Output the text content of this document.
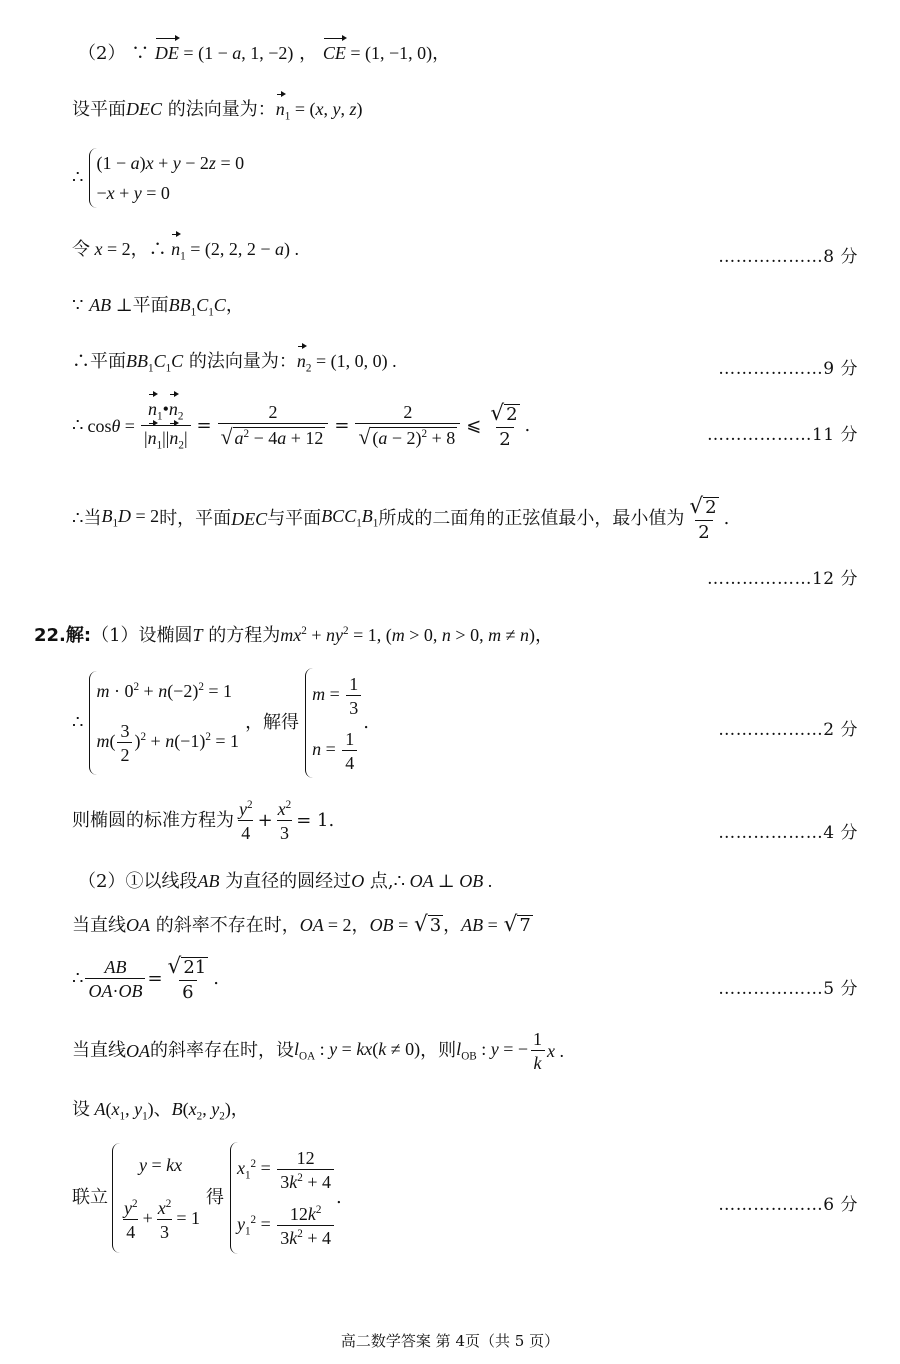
（2） ∵ DE = (1 − a, 1, −2) ， CE = (1, −1, 0)，
设平面DEC 的法向量为：$n_1 = (x$, y, z)
∴
(1 − a)x + y − 2z = 0
−x + y = 0
令 x = 2，∴ $n_1 = (2$, 2, 2 − a) .	………………8 分
∵ AB ⊥平面$BB_1C_1C$，
∴平面$BB_1C_1C$ 的法向量为：$n_2 = (1$, 0, 0) .	………………9 分
∴ $\cos\theta = \frac{n_1•n_2}{|n_1||n_2|} = \frac{2}{√ a^2 - 4a + 12} = \frac{2}{√ (a - 2)^2 + 8}$ ⩽ $\frac{√ 2}{2}$ .	………………11 分
∴ 当 $B_1D = 2$ 时，平面 DEC 与平面 $BCC_1B_1$ 所成的二面角的正弦值最小，最小值为 $\frac{√ 2}{2}$ .
………………12 分
22.解:（1）设椭圆T 的方程为$mx^2 + ny^2 = 1$, (m > 0, n > 0, m ≠ n)，
∴
$m \cdot 0^2 + n(-2)^2 = 1$
$m( \frac{3}{2} )^2 + n(-1)^2 = 1$
，解得
$m = \frac{1}{3}$
$n = \frac{1}{4}$
.	………………2 分
则椭圆的标准方程为 $\frac{y^2}{4} + \frac{x^2}{3} = 1$.
………………4 分
（2）①以线段AB 为直径的圆经过O 点,∴ OA ⊥ OB .
当直线OA 的斜率不存在时，OA = 2，OB = √ 3 ，AB = √ 7
∴ $\frac{AB}{OA\cdot OB} = \frac{√ 21}{6}$ .
………………5 分
当直线 OA 的斜率存在时，设 $l_{OA}$ : y = kx(k ≠ 0) ，则 $l_{OB}$ : y = − $\frac{1}{k}$ x .
设 $A(x_1$, $y_1$)、$B(x_2$, $y_2$)，
联立
y = kx
$\frac{y^2}{4} + \frac{x^2}{3} = 1$
得
$x_1^2 = \frac{12}{3k^2 + 4}$
$y_1^2 = \frac{12k^2}{3k^2 + 4}$
.	………………6 分
高二数学答案 第 4页（共 5 页）
